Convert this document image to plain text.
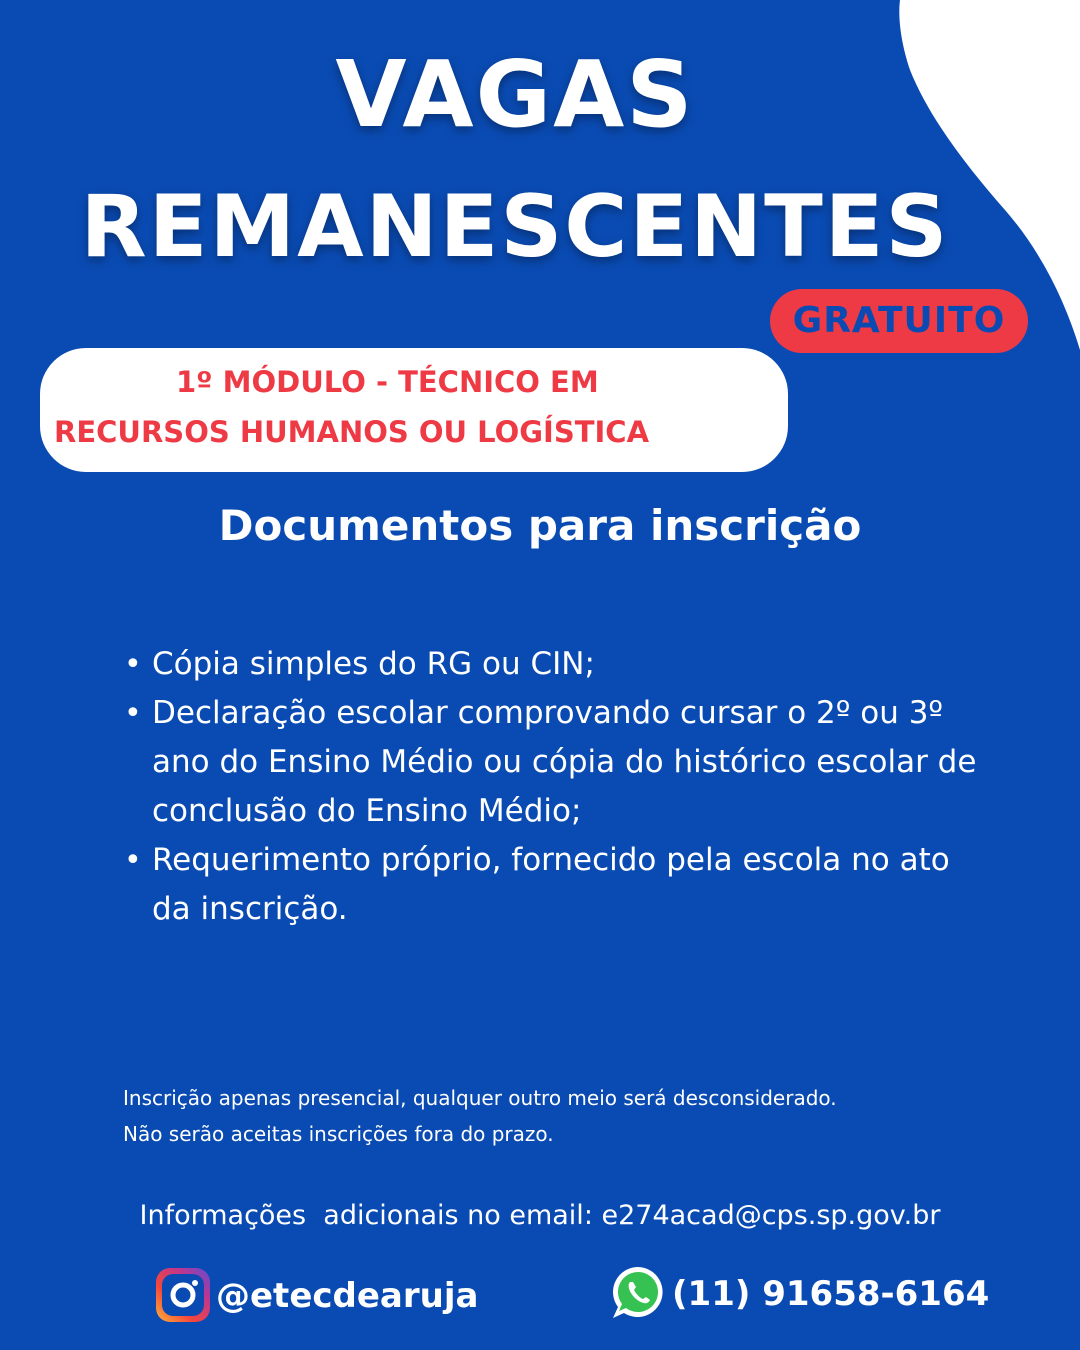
VAGAS
REMANESCENTES
GRATUITO
1º MÓDULO - TÉCNICO EM
RECURSOS HUMANOS OU LOGÍSTICA
Documentos para inscrição
• Cópia simples do RG ou CIN;
• Declaração escolar comprovando cursar o 2º ou 3º ano do Ensino Médio ou cópia do histórico escolar de conclusão do Ensino Médio;
• Requerimento próprio, fornecido pela escola no ato da inscrição.
Inscrição apenas presencial, qualquer outro meio será desconsiderado.
Não serão aceitas inscrições fora do prazo.
Informações  adicionais no email: e274acad@cps.sp.gov.br
@etecdearuja	(11) 91658-6164
